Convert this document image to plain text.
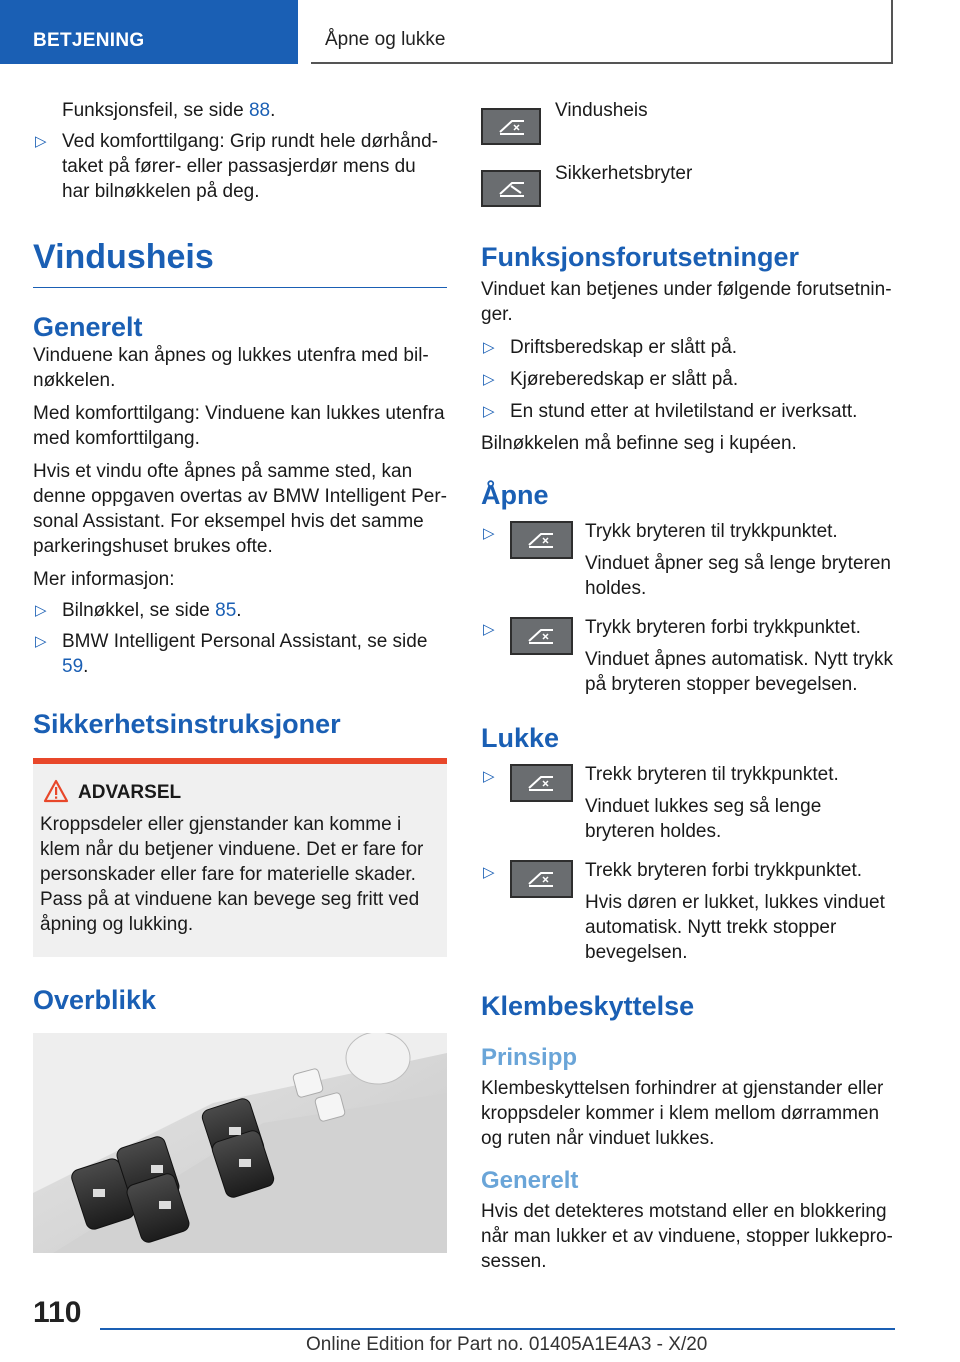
BETJENING	Åpne og lukke

Funksjonsfeil, se side 88.

▷ Ved komforttilgang: Grip rundt hele dørhånd-taket på fører- eller passasjerdør mens du har bilnøkkelen på deg.
Vindusheis
Generelt

Vinduene kan åpnes og lukkes utenfra med bil-nøkkelen.

Med komforttilgang: Vinduene kan lukkes utenfra med komforttilgang.

Hvis et vindu ofte åpnes på samme sted, kan denne oppgaven overtas av BMW Intelligent Per-sonal Assistant. For eksempel hvis det samme parkeringshuset brukes ofte.

Mer informasjon:

▷ Bilnøkkel, se side 85.
▷ BMW Intelligent Personal Assistant, se side 59.
Sikkerhetsinstruksjoner
ADVARSEL

Kroppsdeler eller gjenstander kan komme i klem når du betjener vinduene. Det er fare for personskader eller fare for materielle skader. Pass på at vinduene kan bevege seg fritt ved åpning og lukking.

Overblikk
Vindusheis
Sikkerhetsbryter
Funksjonsforutsetninger

Vinduet kan betjenes under følgende forutsetnin-ger.

▷ Driftsberedskap er slått på.
▷ Kjøreberedskap er slått på.
▷ En stund etter at hviletilstand er iverksatt.

Bilnøkkelen må befinne seg i kupéen.

Åpne
▷	Trykk bryteren til trykkpunktet.
Vinduet åpner seg så lenge bryteren holdes.
▷	Trykk bryteren forbi trykkpunktet.
Vinduet åpnes automatisk. Nytt trykk på bryteren stopper bevegelsen.
Lukke
▷	Trekk bryteren til trykkpunktet.
Vinduet lukkes seg så lenge bryteren holdes.
▷	Trekk bryteren forbi trykkpunktet.
Hvis døren er lukket, lukkes vinduet automatisk. Nytt trekk stopper bevegelsen.
Klembeskyttelse
Prinsipp

Klembeskyttelsen forhindrer at gjenstander eller kroppsdeler kommer i klem mellom dørrammen og ruten når vinduet lukkes.

Generelt

Hvis det detekteres motstand eller en blokkering når man lukker et av vinduene, stopper lukkepro-sessen.

110
Online Edition for Part no. 01405A1E4A3 - X/20
